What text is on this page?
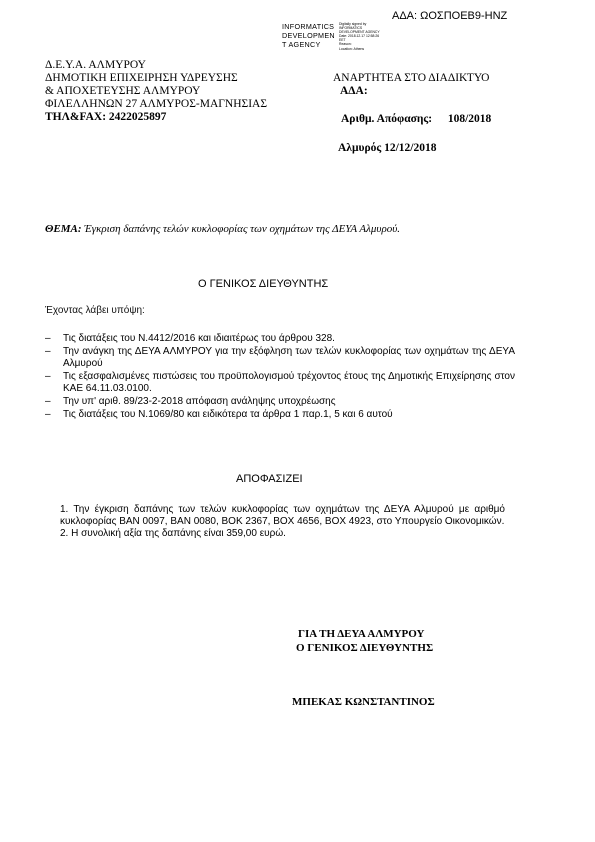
ΑΔΑ: ΩΟΣΠΟΕΒ9-ΗΝΖ
INFORMATICS
DEVELOPMEN
T AGENCY
Digitally signed by
INFORMATICS
DEVELOPMENT AGENCY
Date: 2018.12.17 12:58:26
EET
Reason:
Location: Athens
Δ.Ε.Υ.Α. ΑΛΜΥΡΟΥ
ΔΗΜΟΤΙΚΗ ΕΠΙΧΕΙΡΗΣΗ ΥΔΡΕΥΣΗΣ
& ΑΠΟΧΕΤΕΥΣΗΣ ΑΛΜΥΡΟΥ
ΦΙΛΕΛΛΗΝΩΝ 27 ΑΛΜΥΡΟΣ-ΜΑΓΝΗΣΙΑΣ
ΤΗΛ&FAX: 2422025897
ΑΝΑΡΤΗΤΕΑ ΣΤΟ ΔΙΑΔΙΚΤΥΟ
ΑΔΑ:
Αριθμ. Απόφασης: 108/2018
Αλμυρός 12/12/2018
ΘΕΜΑ: Έγκριση δαπάνης τελών κυκλοφορίας των οχημάτων της ΔΕΥΑ Αλμυρού.
Ο ΓΕΝΙΚΟΣ ΔΙΕΥΘΥΝΤΗΣ
Έχοντας λάβει υπόψη:
– Τις διατάξεις του Ν.4412/2016 και ιδιαιτέρως του άρθρου 328.
– Την ανάγκη της ΔΕΥΑ ΑΛΜΥΡΟΥ για την εξόφληση των τελών κυκλοφορίας των οχημάτων της ΔΕΥΑ Αλμυρού
– Τις εξασφαλισμένες πιστώσεις του προϋπολογισμού τρέχοντος έτους της Δημοτικής Επιχείρησης στον ΚΑΕ 64.11.03.0100.
– Την υπ' αριθ. 89/23-2-2018 απόφαση ανάληψης υποχρέωσης
– Τις διατάξεις του Ν.1069/80 και ειδικότερα τα άρθρα 1 παρ.1, 5 και 6 αυτού
ΑΠΟΦΑΣΙΖΕΙ

1. Την έγκριση δαπάνης των τελών κυκλοφορίας των οχημάτων της ΔΕΥΑ Αλμυρού με αριθμό κυκλοφορίας ΒΑΝ 0097, ΒΑΝ 0080, ΒΟΚ 2367, ΒΟΧ 4656, ΒΟΧ 4923, στο Υπουργείο Οικονομικών.

2. Η συνολική αξία της δαπάνης είναι 359,00 ευρώ.

ΓΙΑ ΤΗ ΔΕΥΑ ΑΛΜΥΡΟΥ
Ο ΓΕΝΙΚΟΣ ΔΙΕΥΘΥΝΤΗΣ
ΜΠΕΚΑΣ ΚΩΝΣΤΑΝΤΙΝΟΣ
